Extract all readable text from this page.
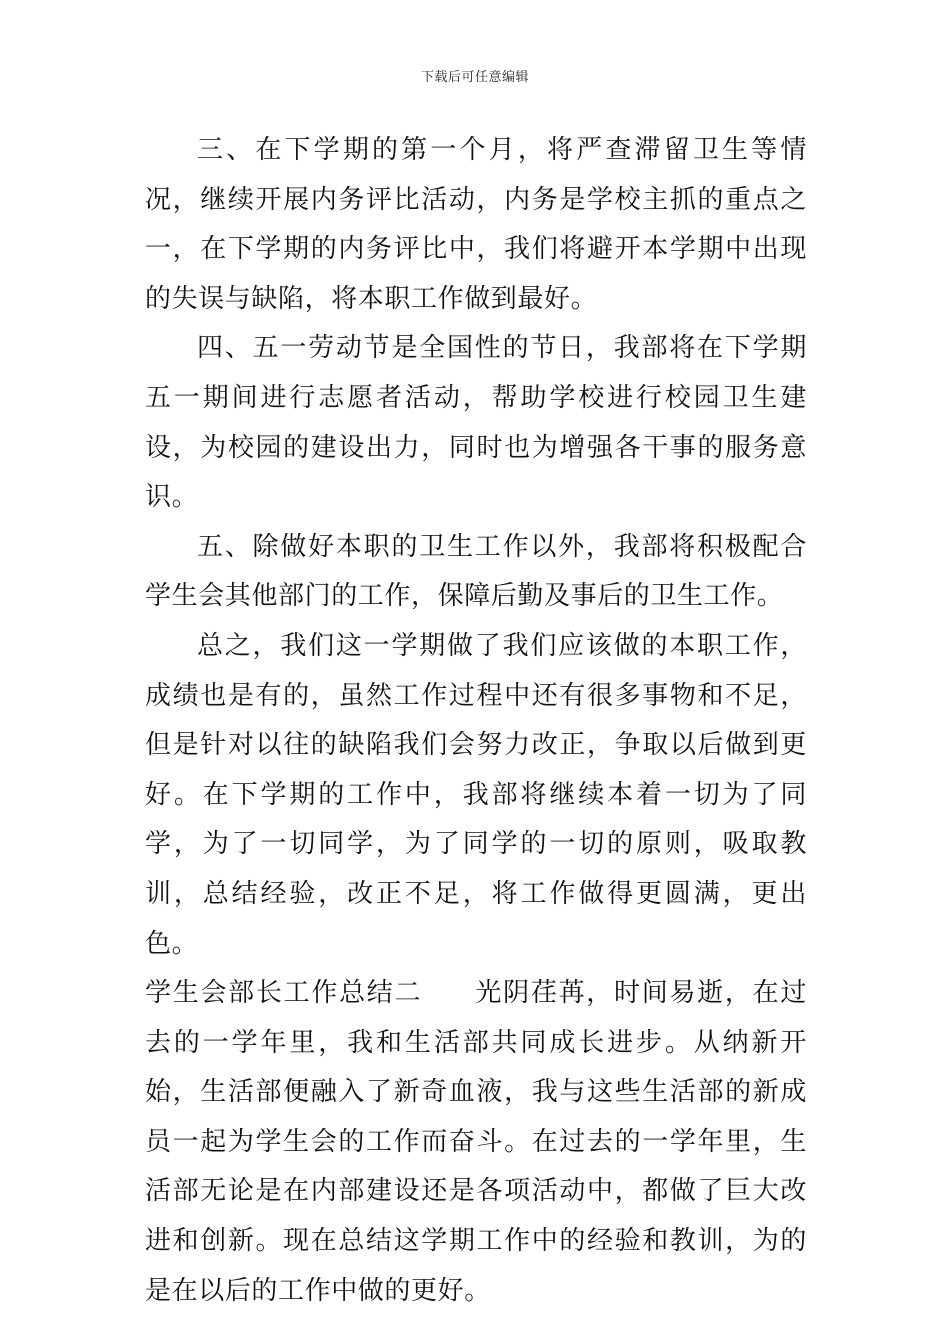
下载后可任意编辑

三、在下学期的第一个月，将严查滞留卫生等情况，继续开展内务评比活动，内务是学校主抓的重点之一，在下学期的内务评比中，我们将避开本学期中出现的失误与缺陷，将本职工作做到最好。

四、五一劳动节是全国性的节日，我部将在下学期五一期间进行志愿者活动，帮助学校进行校园卫生建设，为校园的建设出力，同时也为增强各干事的服务意识。

五、除做好本职的卫生工作以外，我部将积极配合学生会其他部门的工作，保障后勤及事后的卫生工作。

总之，我们这一学期做了我们应该做的本职工作，成绩也是有的，虽然工作过程中还有很多事物和不足，但是针对以往的缺陷我们会努力改正，争取以后做到更好。在下学期的工作中，我部将继续本着一切为了同学，为了一切同学，为了同学的一切的原则，吸取教训，总结经验，改正不足，将工作做得更圆满，更出色。

学生会部长工作总结二 光阴荏苒，时间易逝，在过去的一学年里，我和生活部共同成长进步。从纳新开始，生活部便融入了新奇血液，我与这些生活部的新成员一起为学生会的工作而奋斗。在过去的一学年里，生活部无论是在内部建设还是各项活动中，都做了巨大改进和创新。现在总结这学期工作中的经验和教训，为的是在以后的工作中做的更好。
